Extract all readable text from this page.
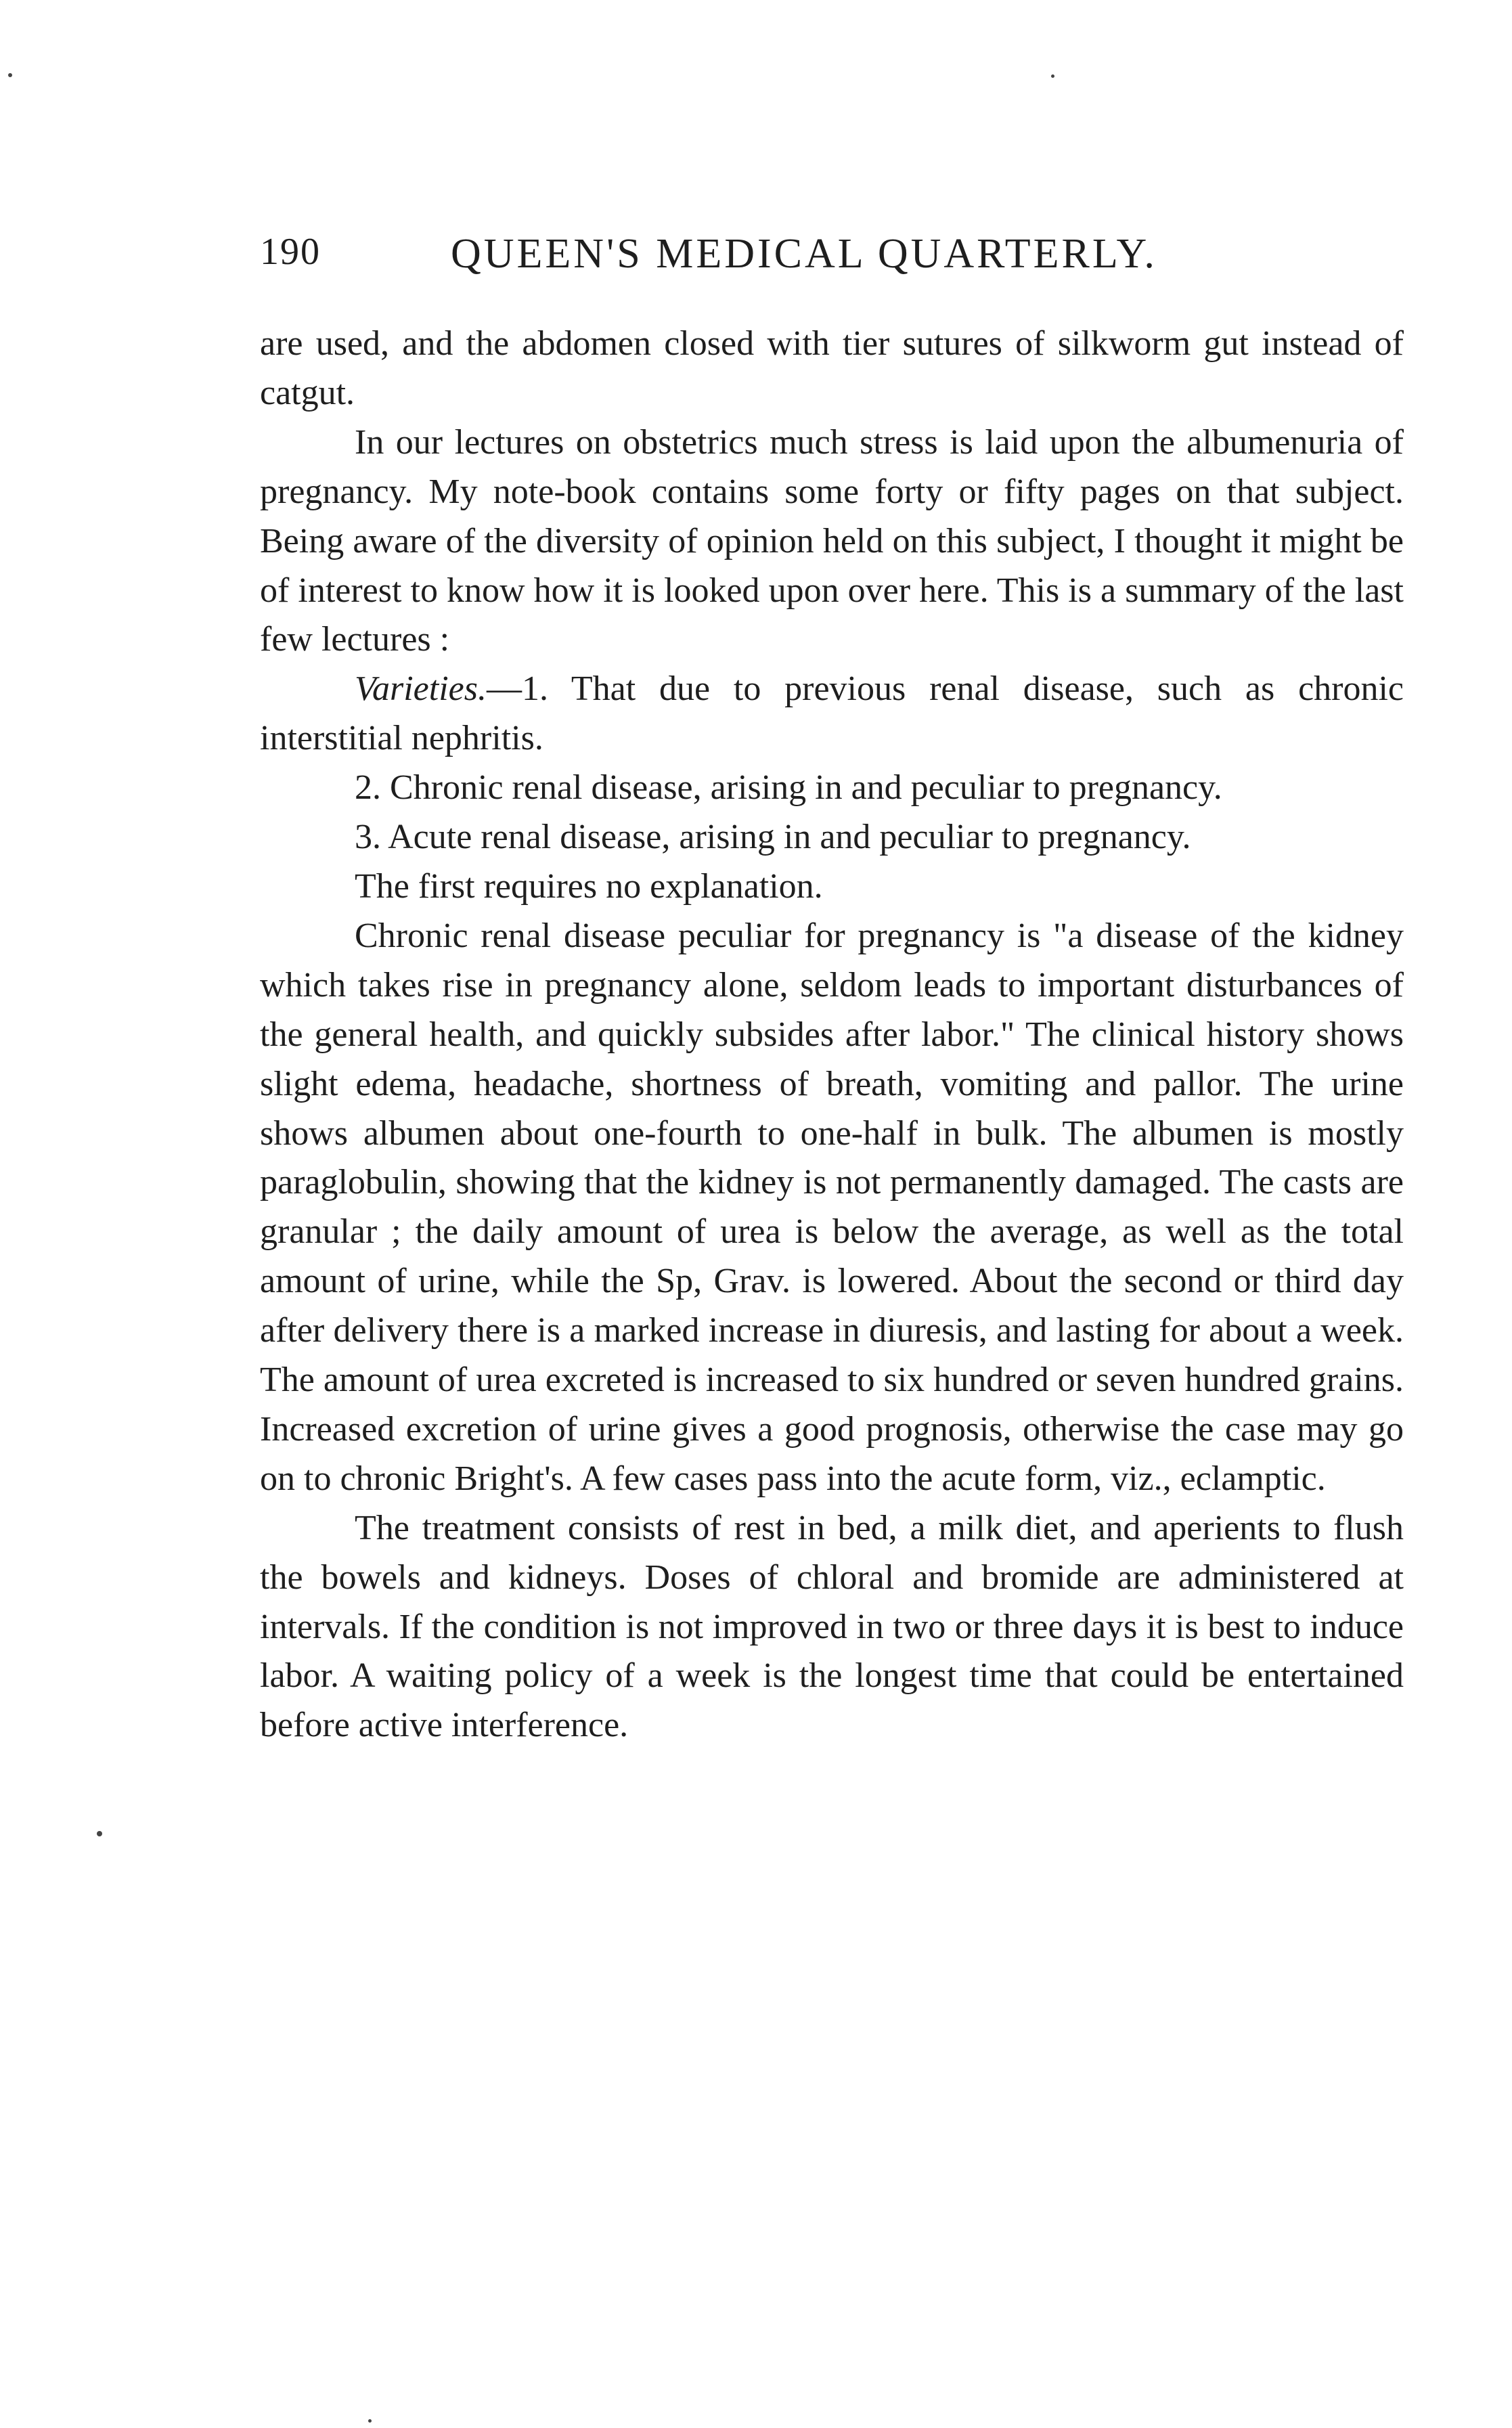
190	QUEEN'S MEDICAL QUARTERLY.

are used, and the abdomen closed with tier sutures of silkworm gut instead of catgut.

In our lectures on obstetrics much stress is laid upon the albumenuria of pregnancy. My note-book contains some forty or fifty pages on that subject. Being aware of the diversity of opinion held on this subject, I thought it might be of interest to know how it is looked upon over here. This is a summary of the last few lectures :

Varieties.—1. That due to previous renal disease, such as chronic interstitial nephritis.

2. Chronic renal disease, arising in and peculiar to pregnancy.

3. Acute renal disease, arising in and peculiar to pregnancy.

The first requires no explanation.

Chronic renal disease peculiar for pregnancy is "a disease of the kidney which takes rise in pregnancy alone, seldom leads to important disturbances of the general health, and quickly subsides after labor." The clinical history shows slight edema, headache, shortness of breath, vomiting and pallor. The urine shows albumen about one-fourth to one-half in bulk. The albumen is mostly paraglobulin, showing that the kidney is not permanently damaged. The casts are granular ; the daily amount of urea is below the average, as well as the total amount of urine, while the Sp, Grav. is lowered. About the second or third day after delivery there is a marked increase in diuresis, and lasting for about a week. The amount of urea excreted is increased to six hundred or seven hundred grains. Increased excretion of urine gives a good prognosis, otherwise the case may go on to chronic Bright's. A few cases pass into the acute form, viz., eclamptic.

The treatment consists of rest in bed, a milk diet, and aperients to flush the bowels and kidneys. Doses of chloral and bromide are administered at intervals. If the condition is not improved in two or three days it is best to induce labor. A waiting policy of a week is the longest time that could be entertained before active interference.
